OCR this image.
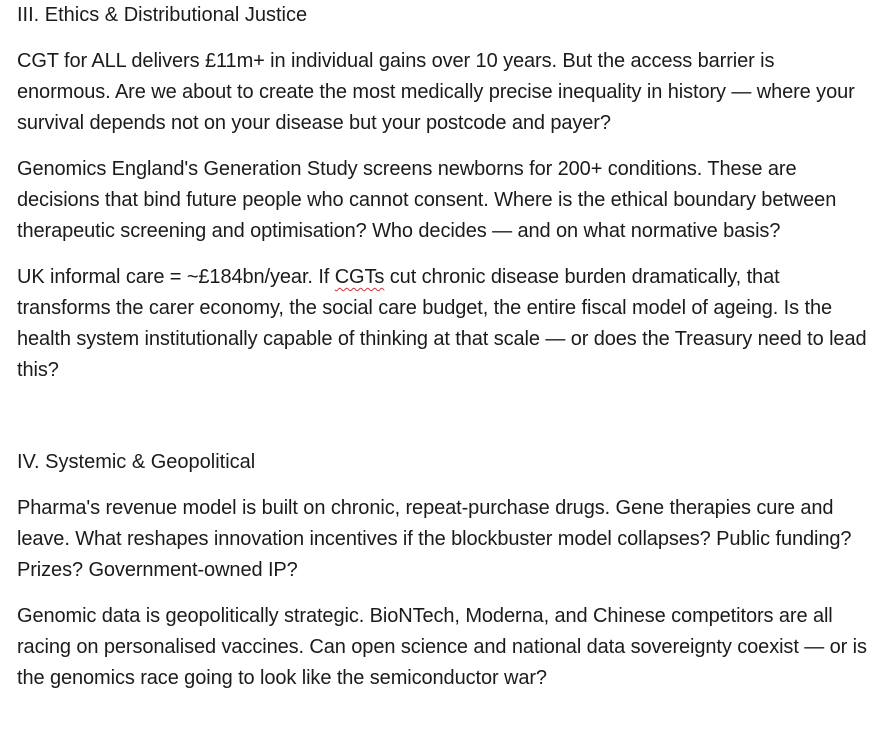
III. Ethics & Distributional Justice

CGT for ALL delivers £11m+ in individual gains over 10 years. But the access barrier is enormous. Are we about to create the most medically precise inequality in history — where your survival depends not on your disease but your postcode and payer?

Genomics England's Generation Study screens newborns for 200+ conditions. These are decisions that bind future people who cannot consent. Where is the ethical boundary between therapeutic screening and optimisation? Who decides — and on what normative basis?

UK informal care = ~£184bn/year. If CGTs cut chronic disease burden dramatically, that transforms the carer economy, the social care budget, the entire fiscal model of ageing. Is the health system institutionally capable of thinking at that scale — or does the Treasury need to lead this?

IV. Systemic & Geopolitical

Pharma's revenue model is built on chronic, repeat-purchase drugs. Gene therapies cure and leave. What reshapes innovation incentives if the blockbuster model collapses? Public funding? Prizes? Government-owned IP?

Genomic data is geopolitically strategic. BioNTech, Moderna, and Chinese competitors are all racing on personalised vaccines. Can open science and national data sovereignty coexist — or is the genomics race going to look like the semiconductor war?
